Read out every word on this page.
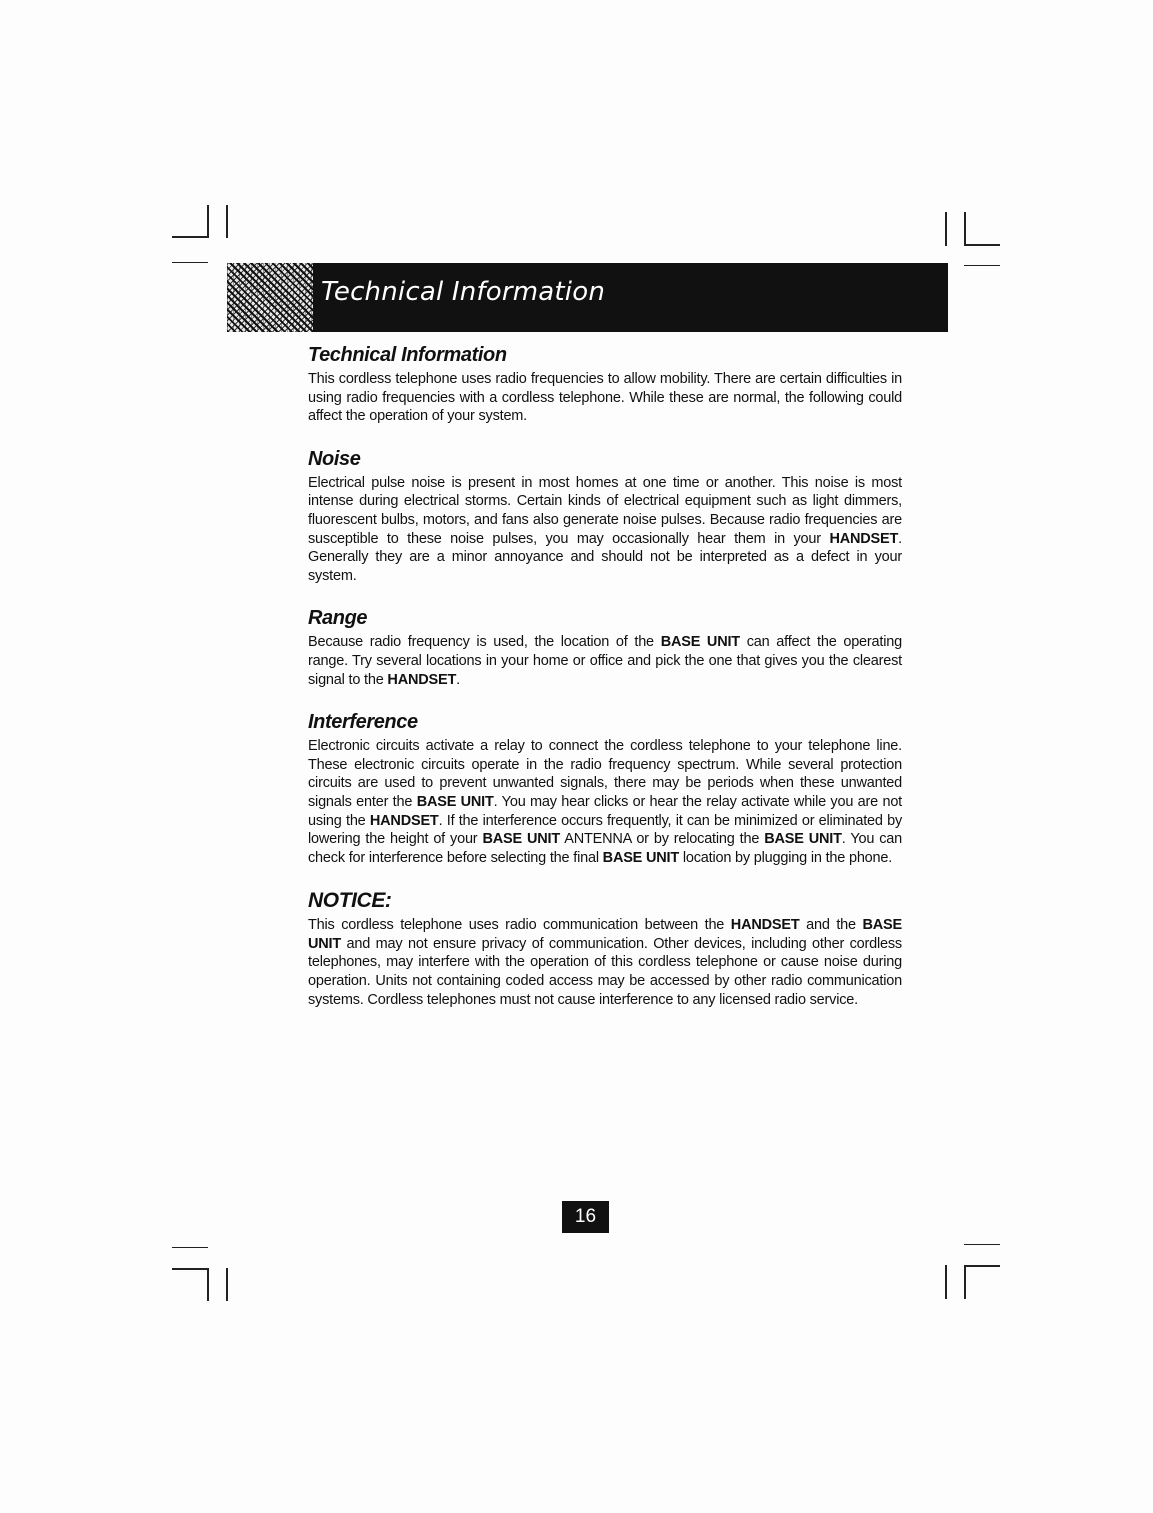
Technical Information
Technical Information

This cordless telephone uses radio frequencies to allow mobility. There are certain difficulties in using radio frequencies with a cordless telephone. While these are normal, the following could affect the operation of your system.

Noise

Electrical pulse noise is present in most homes at one time or another. This noise is most intense during electrical storms. Certain kinds of electrical equipment such as light dimmers, fluorescent bulbs, motors, and fans also generate noise pulses. Because radio frequencies are susceptible to these noise pulses, you may occasionally hear them in your HANDSET. Generally they are a minor annoyance and should not be interpreted as a defect in your system.

Range

Because radio frequency is used, the location of the BASE UNIT can affect the operating range. Try several locations in your home or office and pick the one that gives you the clearest signal to the HANDSET.

Interference

Electronic circuits activate a relay to connect the cordless telephone to your telephone line. These electronic circuits operate in the radio frequency spectrum. While several protection circuits are used to prevent unwanted signals, there may be periods when these unwanted signals enter the BASE UNIT. You may hear clicks or hear the relay activate while you are not using the HANDSET. If the interference occurs frequently, it can be minimized or eliminated by lowering the height of your BASE UNIT ANTENNA or by relocating the BASE UNIT. You can check for interference before selecting the final BASE UNIT location by plugging in the phone.

NOTICE:

This cordless telephone uses radio communication between the HANDSET and the BASE UNIT and may not ensure privacy of communication. Other devices, including other cordless telephones, may interfere with the operation of this cordless telephone or cause noise during operation. Units not containing coded access may be accessed by other radio communication systems. Cordless telephones must not cause interference to any licensed radio service.

16
